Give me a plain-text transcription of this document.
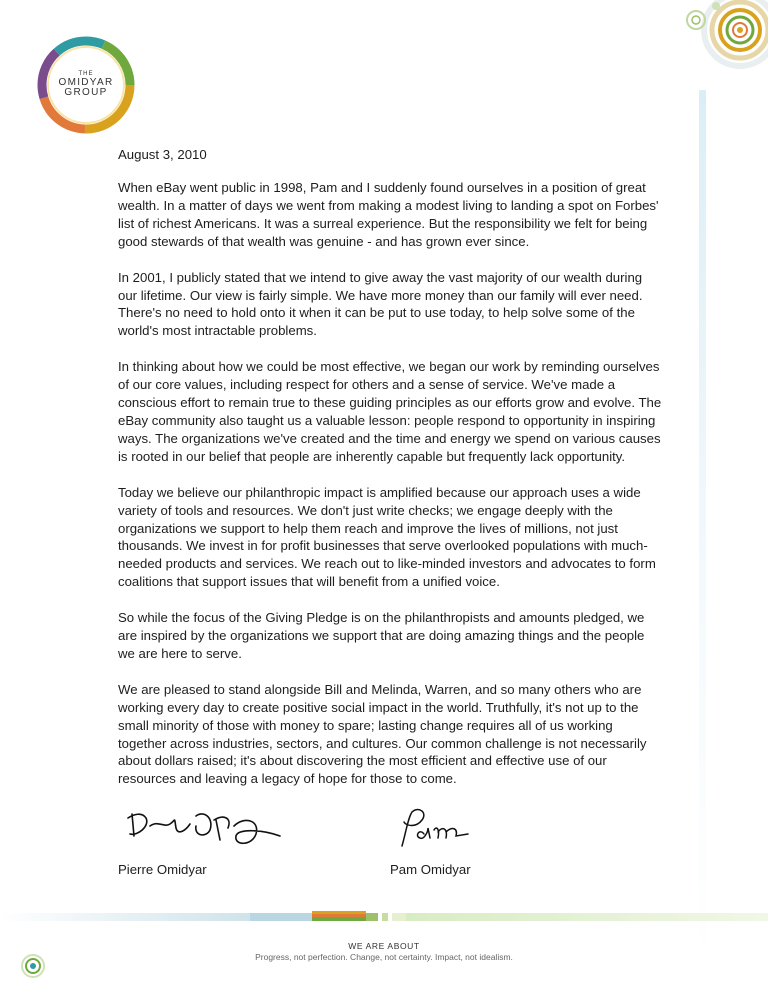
THE
OMIDYAR
GROUP

August 3, 2010

When eBay went public in 1998, Pam and I suddenly found ourselves in a position of great wealth. In a matter of days we went from making a modest living to landing a spot on Forbes' list of richest Americans. It was a surreal experience. But the responsibility we felt for being good stewards of that wealth was genuine - and has grown ever since.

In 2001, I publicly stated that we intend to give away the vast majority of our wealth during our lifetime. Our view is fairly simple. We have more money than our family will ever need. There's no need to hold onto it when it can be put to use today, to help solve some of the world's most intractable problems.

In thinking about how we could be most effective, we began our work by reminding ourselves of our core values, including respect for others and a sense of service. We've made a conscious effort to remain true to these guiding principles as our efforts grow and evolve. The eBay community also taught us a valuable lesson: people respond to opportunity in inspiring ways. The organizations we've created and the time and energy we spend on various causes is rooted in our belief that people are inherently capable but frequently lack opportunity.

Today we believe our philanthropic impact is amplified because our approach uses a wide variety of tools and resources. We don't just write checks; we engage deeply with the organizations we support to help them reach and improve the lives of millions, not just thousands. We invest in for profit businesses that serve overlooked populations with much-needed products and services. We reach out to like-minded investors and advocates to form coalitions that support issues that will benefit from a unified voice.

So while the focus of the Giving Pledge is on the philanthropists and amounts pledged, we are inspired by the organizations we support that are doing amazing things and the people we are here to serve.

We are pleased to stand alongside Bill and Melinda, Warren, and so many others who are working every day to create positive social impact in the world. Truthfully, it's not up to the small minority of those with money to spare; lasting change requires all of us working together across industries, sectors, and cultures. Our common challenge is not necessarily about dollars raised; it's about discovering the most efficient and effective use of our resources and leaving a legacy of hope for those to come.

Pierre Omidyar	Pam Omidyar
WE ARE ABOUT
Progress, not perfection. Change, not certainty. Impact, not idealism.
